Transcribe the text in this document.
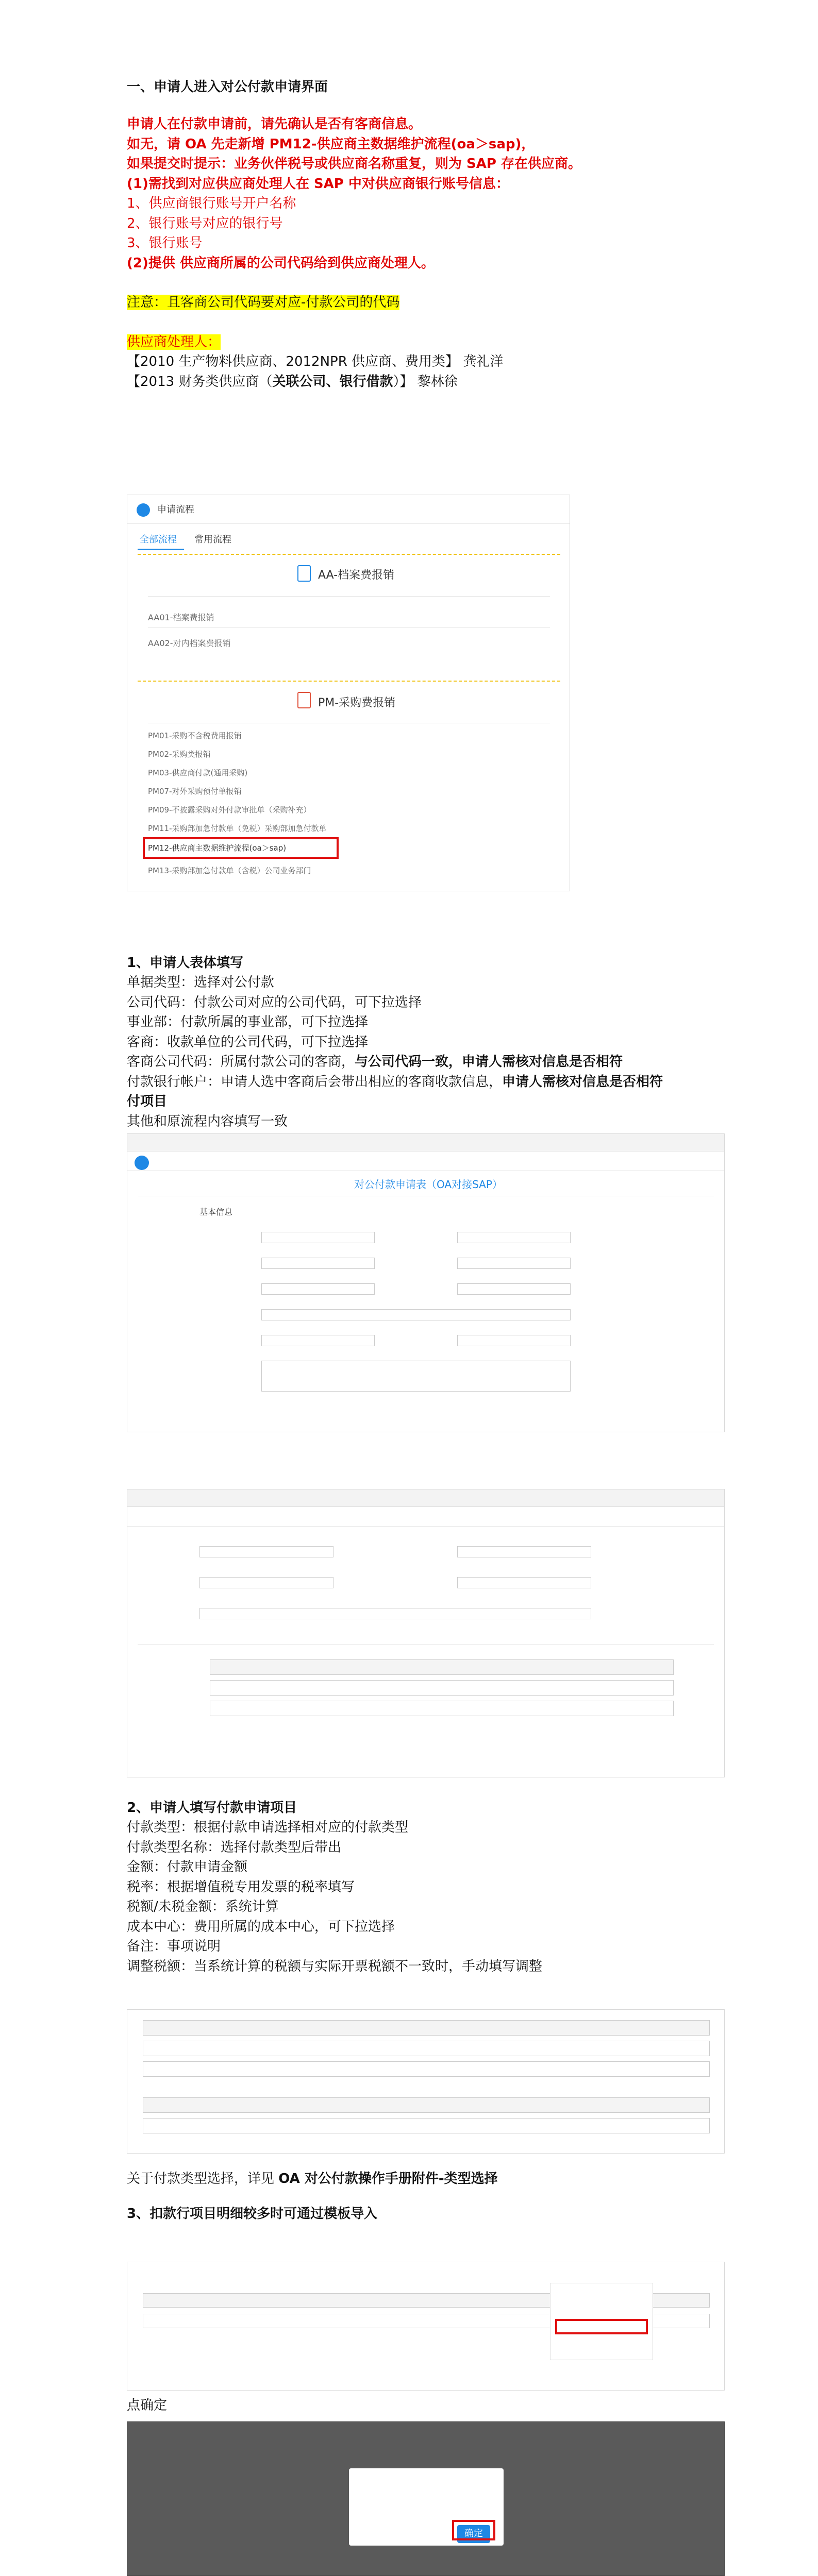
一、申请人进入对公付款申请界面
申请人在付款申请前，请先确认是否有客商信息。
如无，请 OA 先走新增 PM12-供应商主数据维护流程(oa＞sap)，
如果提交时提示：业务伙伴税号或供应商名称重复，则为 SAP 存在供应商。
(1)需找到对应供应商处理人在 SAP 中对供应商银行账号信息：
1、供应商银行账号开户名称
2、银行账号对应的银行号
3、银行账号
(2)提供 供应商所属的公司代码给到供应商处理人。
注意：且客商公司代码要对应-付款公司的代码
供应商处理人：
【2010 生产物料供应商、2012NPR 供应商、费用类】 龚礼洋
【2013 财务类供应商（关联公司、银行借款）】 黎林徐
申请流程
全部流程 常用流程
AA-档案费报销
AA01-档案费报销
AA02-对内档案费报销
PM-采购费报销
PM01-采购不含税费用报销
PM02-采购类报销
PM03-供应商付款(通用采购)
PM07-对外采购预付单报销
PM09-不披露采购对外付款审批单（采购补充）
PM11-采购部加急付款单（免税）采购部加急付款单
PM12-供应商主数据维护流程(oa＞sap)
PM13-采购部加急付款单（含税）公司业务部门
1、申请人表体填写
单据类型：选择对公付款
公司代码：付款公司对应的公司代码，可下拉选择
事业部：付款所属的事业部，可下拉选择
客商：收款单位的公司代码，可下拉选择
客商公司代码：所属付款公司的客商，与公司代码一致，申请人需核对信息是否相符
付款银行帐户：申请人选中客商后会带出相应的客商收款信息，申请人需核对信息是否相符
付项目
其他和原流程内容填写一致
对公付款申请表（OA对接SAP）
基本信息
2、申请人填写付款申请项目
付款类型：根据付款申请选择相对应的付款类型
付款类型名称：选择付款类型后带出
金额：付款申请金额
税率：根据增值税专用发票的税率填写
税额/未税金额：系统计算
成本中心：费用所属的成本中心，可下拉选择
备注：事项说明
调整税额：当系统计算的税额与实际开票税额不一致时，手动填写调整
关于付款类型选择，详见 OA 对公付款操作手册附件-类型选择
3、扣款行项目明细较多时可通过模板导入
点确定
确定
